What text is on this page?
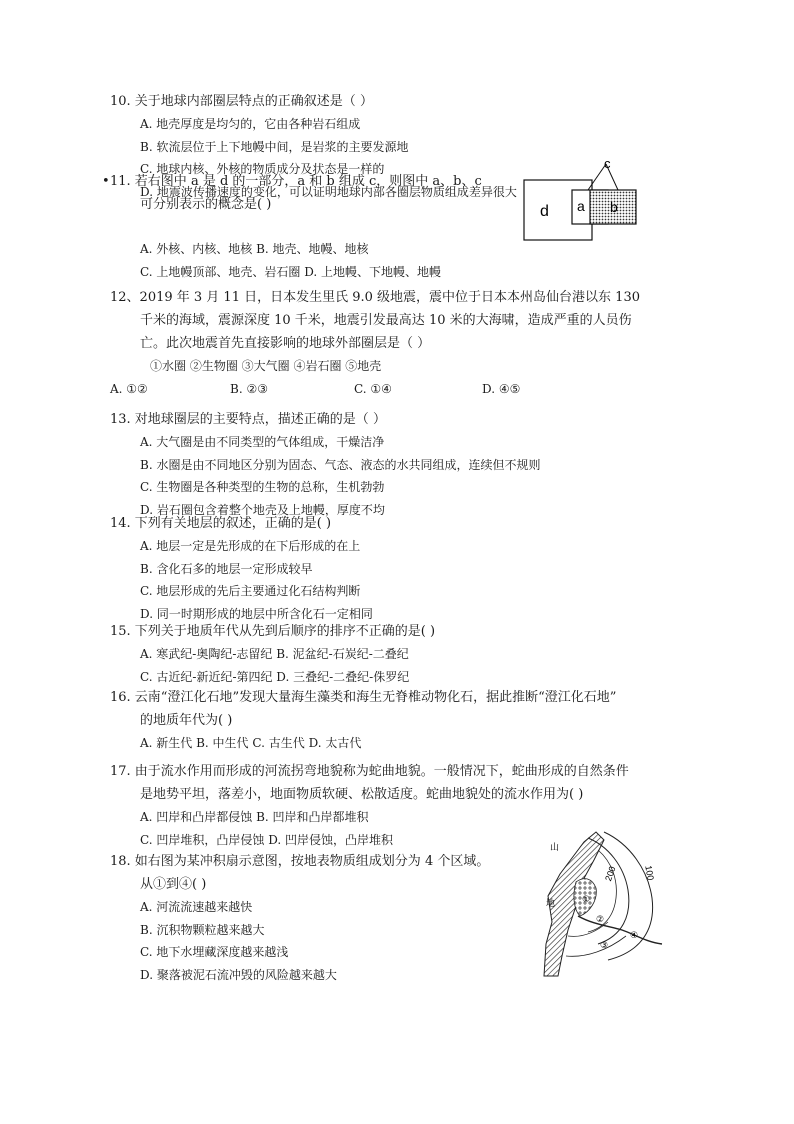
10. 关于地球内部圈层特点的正确叙述是（ ）
A. 地壳厚度是均匀的，它由各种岩石组成
B. 软流层位于上下地幔中间，是岩浆的主要发源地
C. 地球内核、外核的物质成分及状态是一样的
D. 地震波传播速度的变化，可以证明地球内部各圈层物质组成差异很大
• 11. 若右图中 a 是 d 的一部分，a 和 b 组成 c，则图中 a、b、c
可分别表示的概念是( )
A. 外核、内核、地核 B. 地壳、地幔、地核
C. 上地幔顶部、地壳、岩石圈 D. 上地幔、下地幔、地幔
d a b
c
12、2019 年 3 月 11 日，日本发生里氏 9.0 级地震，震中位于日本本州岛仙台港以东 130
千米的海域，震源深度 10 千米，地震引发最高达 10 米的大海啸，造成严重的人员伤
亡。此次地震首先直接影响的地球外部圈层是（ ）
①水圈 ②生物圈 ③大气圈 ④岩石圈 ⑤地壳
A. ①②	B. ②③	C. ①④	D. ④⑤
13. 对地球圈层的主要特点，描述正确的是（ ）
A. 大气圈是由不同类型的气体组成，干燥洁净
B. 水圈是由不同地区分别为固态、气态、液态的水共同组成，连续但不规则
C. 生物圈是各种类型的生物的总称，生机勃勃
D. 岩石圈包含着整个地壳及上地幔，厚度不均
14. 下列有关地层的叙述，正确的是( )
A. 地层一定是先形成的在下后形成的在上
B. 含化石多的地层一定形成较早
C. 地层形成的先后主要通过化石结构判断
D. 同一时期形成的地层中所含化石一定相同
15. 下列关于地质年代从先到后顺序的排序不正确的是( )
A. 寒武纪-奥陶纪-志留纪 B. 泥盆纪-石炭纪-二叠纪
C. 古近纪-新近纪-第四纪 D. 三叠纪-二叠纪-侏罗纪
16. 云南“澄江化石地”发现大量海生藻类和海生无脊椎动物化石，据此推断“澄江化石地”
的地质年代为( )
A. 新生代 B. 中生代 C. 古生代 D. 太古代
17. 由于流水作用而形成的河流拐弯地貌称为蛇曲地貌。一般情况下，蛇曲形成的自然条件
是地势平坦，落差小，地面物质软硬、松散适度。蛇曲地貌处的流水作用为( )
A. 凹岸和凸岸都侵蚀 B. 凹岸和凸岸都堆积
C. 凹岸堆积，凸岸侵蚀 D. 凹岸侵蚀，凸岸堆积
18. 如右图为某冲积扇示意图，按地表物质组成划分为 4 个区域。
从①到④( )
A. 河流流速越来越快
B. 沉积物颗粒越来越大
C. 地下水埋藏深度越来越浅
D. 聚落被泥石流冲毁的风险越来越大
山
地
200	100
①
②
③
④
